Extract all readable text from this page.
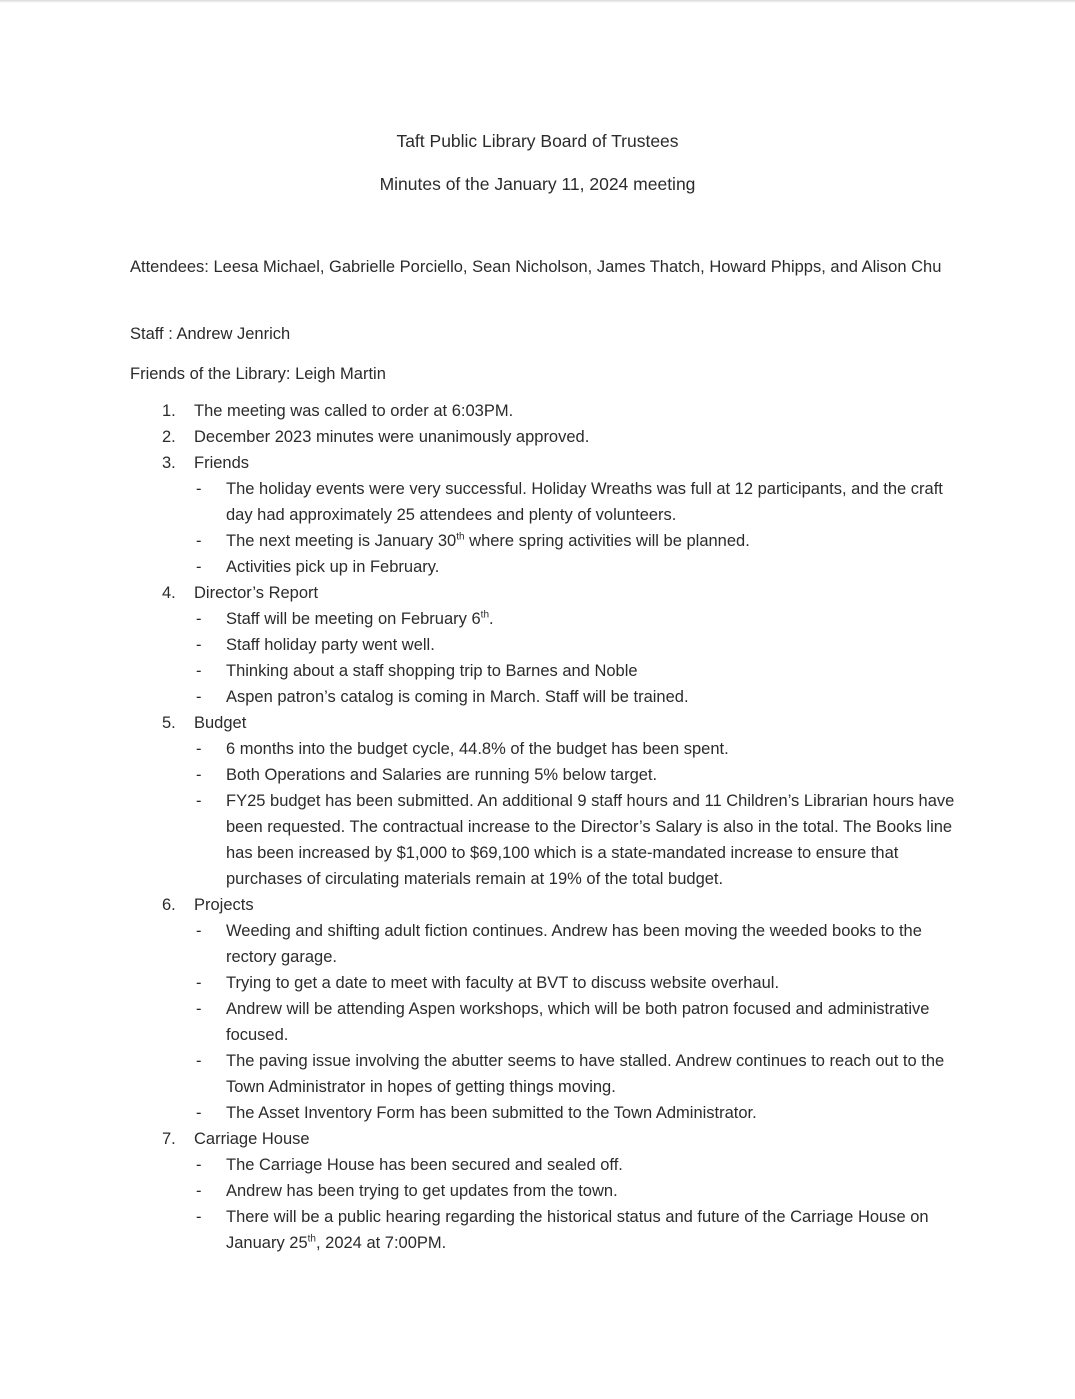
Taft Public Library Board of Trustees
Minutes of the January 11, 2024 meeting
Attendees: Leesa Michael, Gabrielle Porciello, Sean Nicholson, James Thatch, Howard Phipps, and Alison Chu
Staff : Andrew Jenrich
Friends of the Library: Leigh Martin
1. The meeting was called to order at 6:03PM.
2. December 2023 minutes were unanimously approved.
3. Friends
- The holiday events were very successful. Holiday Wreaths was full at 12 participants, and the craft day had approximately 25 attendees and plenty of volunteers.
- The next meeting is January 30th where spring activities will be planned.
- Activities pick up in February.
4. Director’s Report
- Staff will be meeting on February 6th.
- Staff holiday party went well.
- Thinking about a staff shopping trip to Barnes and Noble
- Aspen patron’s catalog is coming in March. Staff will be trained.
5. Budget
- 6 months into the budget cycle, 44.8% of the budget has been spent.
- Both Operations and Salaries are running 5% below target.
- FY25 budget has been submitted. An additional 9 staff hours and 11 Children’s Librarian hours have been requested. The contractual increase to the Director’s Salary is also in the total. The Books line has been increased by $1,000 to $69,100 which is a state-mandated increase to ensure that purchases of circulating materials remain at 19% of the total budget.
6. Projects
- Weeding and shifting adult fiction continues. Andrew has been moving the weeded books to the rectory garage.
- Trying to get a date to meet with faculty at BVT to discuss website overhaul.
- Andrew will be attending Aspen workshops, which will be both patron focused and administrative focused.
- The paving issue involving the abutter seems to have stalled. Andrew continues to reach out to the Town Administrator in hopes of getting things moving.
- The Asset Inventory Form has been submitted to the Town Administrator.
7. Carriage House
- The Carriage House has been secured and sealed off.
- Andrew has been trying to get updates from the town.
- There will be a public hearing regarding the historical status and future of the Carriage House on January 25th, 2024 at 7:00PM.
